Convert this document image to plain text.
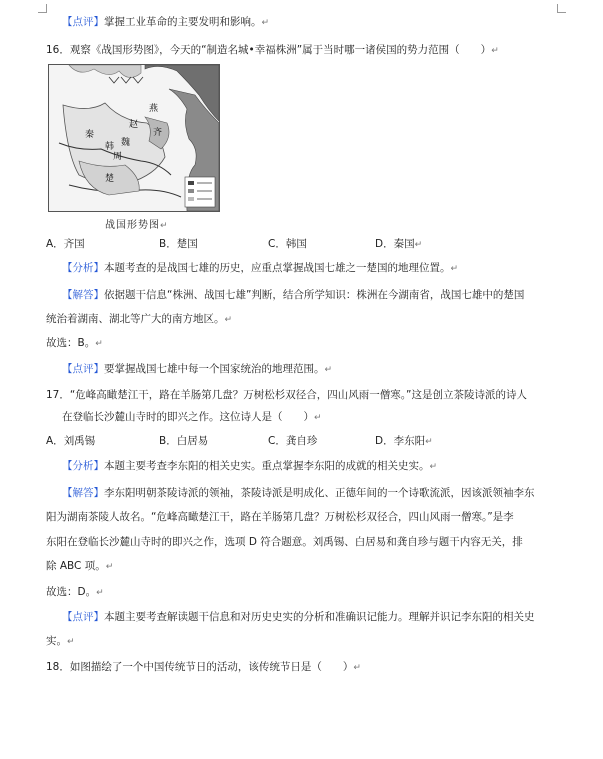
【点评】掌握工业革命的主要发明和影响。↵
16．观察《战国形势图》，今天的“制造名城•幸福株洲”属于当时哪一诸侯国的势力范围（　　）↵
燕
赵
魏
韩
秦
周
齐
楚
战国形势图↵
A．齐国	B．楚国	C．韩国	D．秦国↵
【分析】本题考查的是战国七雄的历史，应重点掌握战国七雄之一楚国的地理位置。↵
【解答】依据题干信息“株洲、战国七雄”判断，结合所学知识：株洲在今湖南省，战国七雄中的楚国
统治着湖南、湖北等广大的南方地区。↵
故选：B。↵
【点评】要掌握战国七雄中每一个国家统治的地理范围。↵
17．“危峰高瞰楚江干，路在羊肠第几盘？万树松杉双径合，四山风雨一僧寒。”这是创立茶陵诗派的诗人
在登临长沙麓山寺时的即兴之作。这位诗人是（　　）↵
A．刘禹锡	B．白居易	C．龚自珍	D．李东阳↵
【分析】本题主要考查李东阳的相关史实。重点掌握李东阳的成就的相关史实。↵
【解答】李东阳明朝茶陵诗派的领袖，茶陵诗派是明成化、正德年间的一个诗歌流派，因该派领袖李东
阳为湖南茶陵人故名。“危峰高瞰楚江干，路在羊肠第几盘？万树松杉双径合，四山风雨一僧寒。”是李
东阳在登临长沙麓山寺时的即兴之作，选项 D 符合题意。刘禹锡、白居易和龚自珍与题干内容无关，排
除 ABC 项。↵
故选：D。↵
【点评】本题主要考查解读题干信息和对历史史实的分析和准确识记能力。理解并识记李东阳的相关史
实。↵
18．如图描绘了一个中国传统节日的活动，该传统节日是（　　）↵
